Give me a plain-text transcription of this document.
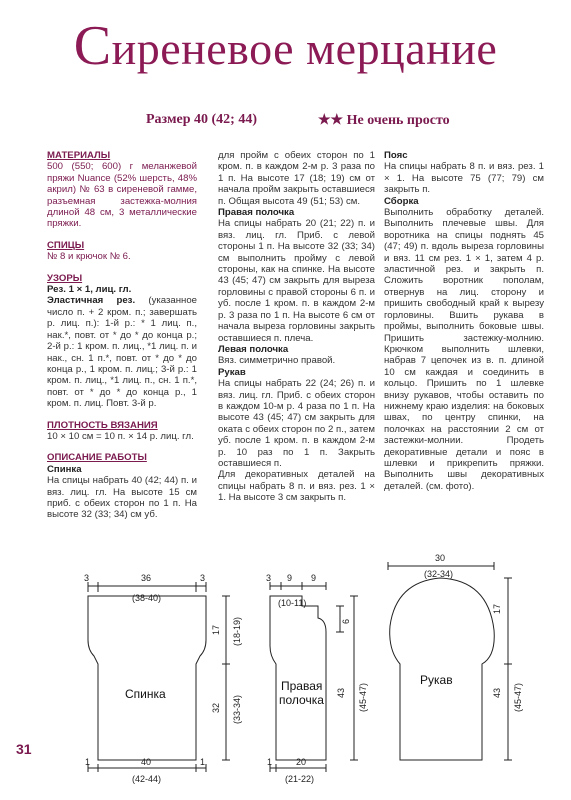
Сиреневое мерцание
Размер 40 (42; 44)	★★ Не очень просто

МАТЕРИАЛЫ

500 (550; 600) г меланжевой пряжи Nuance (52% шерсть, 48% акрил) № 63 в сиреневой гамме, разъемная застежка-молния длиной 48 см, 3 металлические пряжки.

СПИЦЫ

№ 8 и крючок № 6.

УЗОРЫ

Рез. 1 × 1, лиц. гл.

Эластичная рез. (указанное число п. + 2 кром. п.; завершать р. лиц. п.): 1-й р.: * 1 лиц. п., нак.*, повт. от * до * до конца р.; 2-й р.: 1 кром. п. лиц., *1 лиц. п. и нак., сн. 1 п.*, повт. от * до * до конца р., 1 кром. п. лиц.; 3-й р.: 1 кром. п. лиц., *1 лиц. п., сн. 1 п.*, повт. от * до * до конца р., 1 кром. п. лиц. Повт. 3-й р.

ПЛОТНОСТЬ ВЯЗАНИЯ

10 × 10 см = 10 п. × 14 р. лиц. гл.

ОПИСАНИЕ РАБОТЫ

Спинка

На спицы набрать 40 (42; 44) п. и вяз. лиц. гл. На высоте 15 см приб. с обеих сторон по 1 п. На высоте 32 (33; 34) см уб.

для пройм с обеих сторон по 1 кром. п. в каждом 2-м р. 3 раза по 1 п. На высоте 17 (18; 19) см от начала пройм закрыть оставшиеся п. Общая высота 49 (51; 53) см.

Правая полочка

На спицы набрать 20 (21; 22) п. и вяз. лиц. гл. Приб. с левой стороны 1 п. На высоте 32 (33; 34) см выполнить пройму с левой стороны, как на спинке. На высоте 43 (45; 47) см закрыть для выреза горловины с правой стороны 6 п. и уб. после 1 кром. п. в каждом 2-м р. 3 раза по 1 п. На высоте 6 см от начала выреза горловины закрыть оставшиеся п. плеча.

Левая полочка

Вяз. симметрично правой.

Рукав

На спицы набрать 22 (24; 26) п. и вяз. лиц. гл. Приб. с обеих сторон в каждом 10-м р. 4 раза по 1 п. На высоте 43 (45; 47) см закрыть для оката с обеих сторон по 2 п., затем уб. после 1 кром. п. в каждом 2-м р. 10 раз по 1 п. Закрыть оставшиеся п.

Для декоративных деталей на спицы набрать 8 п. и вяз. рез. 1 × 1. На высоте 3 см закрыть п.

Пояс

На спицы набрать 8 п. и вяз. рез. 1 × 1. На высоте 75 (77; 79) см закрыть п.

Сборка

Выполнить обработку деталей. Выполнить плечевые швы. Для воротника на спицы поднять 45 (47; 49) п. вдоль выреза горловины и вяз. 11 см рез. 1 × 1, затем 4 р. эластичной рез. и закрыть п. Сложить воротник пополам, отвернув на лиц. сторону и пришить свободный край к вырезу горловины. Вшить рукава в проймы, выполнить боковые швы. Пришить застежку-молнию. Крючком выполнить шлевки, набрав 7 цепочек из в. п. длиной 10 см каждая и соединить в кольцо. Пришить по 1 шлевке внизу рукавов, чтобы оставить по нижнему краю изделия: на боковых швах, по центру спинки, на полочках на расстоянии 2 см от застежки-молнии. Продеть декоративные детали и пояс в шлевки и прикрепить пряжки. Выполнить швы декоративных деталей. (см. фото).

Спинка
3	36	3
(38-40)
17 (18-19)
32 (33-34)
1	40	1
(42-44)
Правая
полочка
3 9 9
(10-11)
6
43 (45-47)
1	20
(21-22)
Рукав
30
(32-34)
17
43 (45-47)
31
